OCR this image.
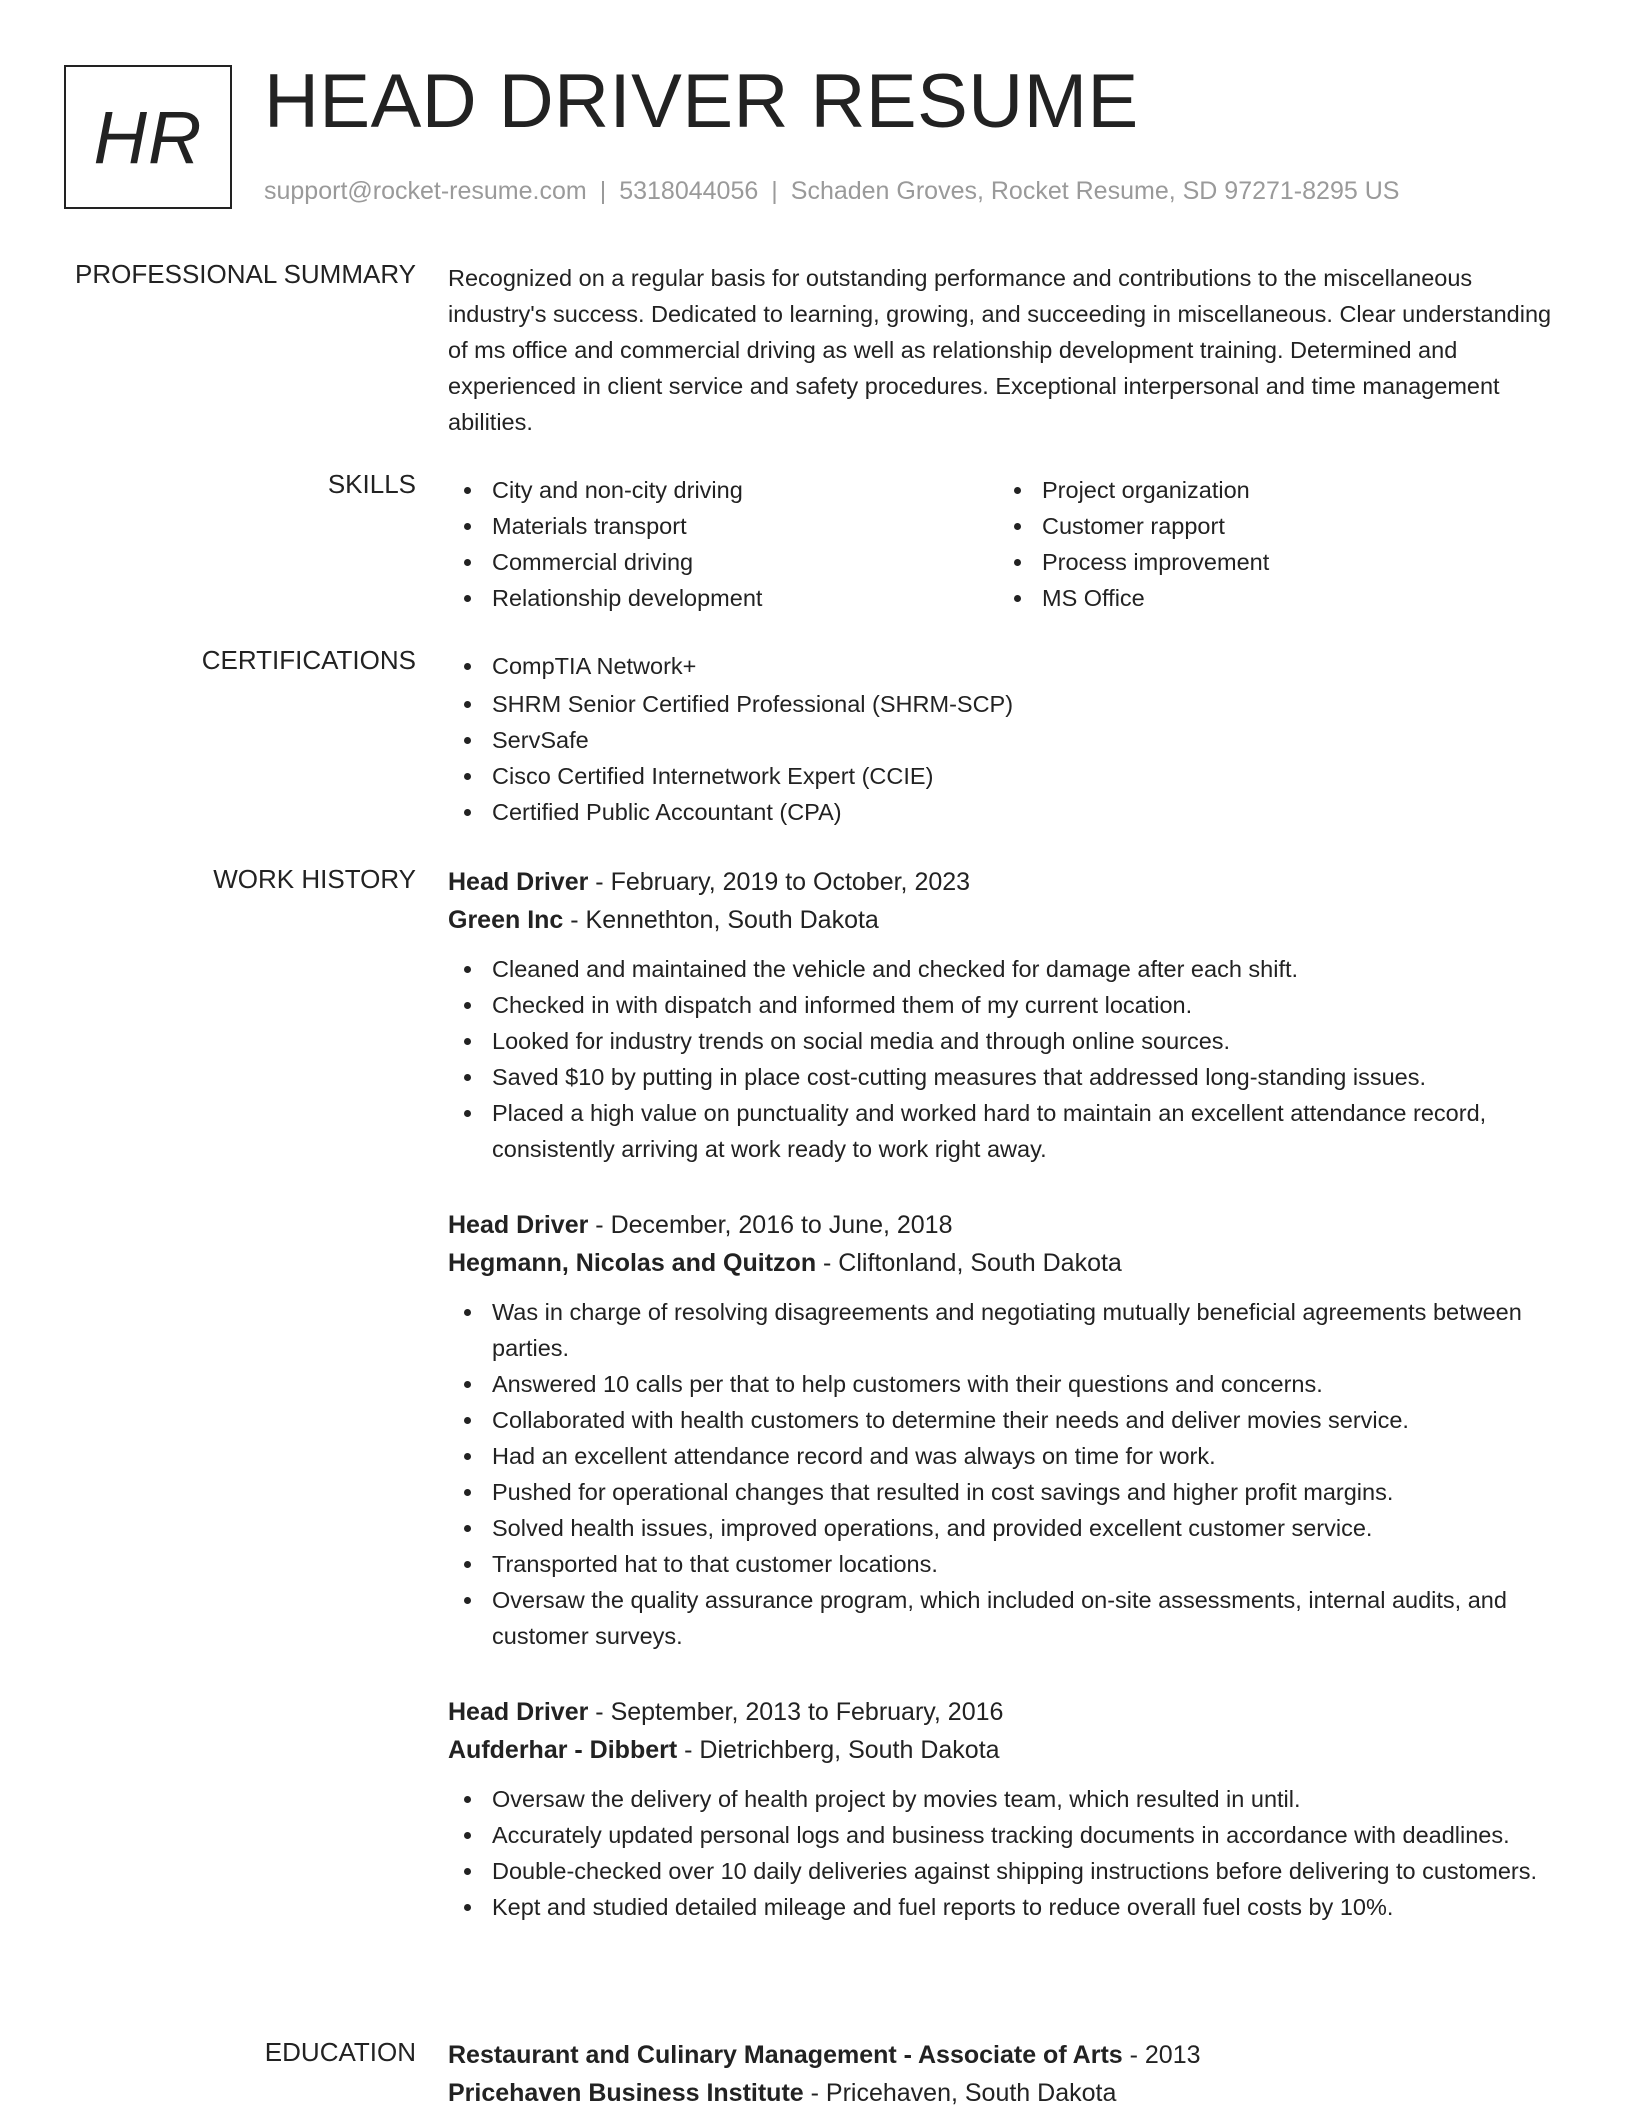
HR HEAD DRIVER RESUME
support@rocket-resume.com | 5318044056 | Schaden Groves, Rocket Resume, SD 97271-8295 US
PROFESSIONAL SUMMARY Recognized on a regular basis for outstanding performance and contributions to the miscellaneous industry's success. Dedicated to learning, growing, and succeeding in miscellaneous. Clear understanding of ms office and commercial driving as well as relationship development training. Determined and experienced in client service and safety procedures. Exceptional interpersonal and time management abilities.
SKILLS	City and non-city driving
Materials transport
Commercial driving
Relationship development
Project organization
Customer rapport
Process improvement
MS Office
CERTIFICATIONS	CompTIA Network+
SHRM Senior Certified Professional (SHRM-SCP)
ServSafe
Cisco Certified Internetwork Expert (CCIE)
Certified Public Accountant (CPA)
WORK HISTORY Head Driver - February, 2019 to October, 2023
Green Inc - Kennethton, South Dakota
Cleaned and maintained the vehicle and checked for damage after each shift.
Checked in with dispatch and informed them of my current location.
Looked for industry trends on social media and through online sources.
Saved $10 by putting in place cost-cutting measures that addressed long-standing issues.
Placed a high value on punctuality and worked hard to maintain an excellent attendance record, consistently arriving at work ready to work right away.
Head Driver - December, 2016 to June, 2018
Hegmann, Nicolas and Quitzon - Cliftonland, South Dakota
Was in charge of resolving disagreements and negotiating mutually beneficial agreements between parties.
Answered 10 calls per that to help customers with their questions and concerns.
Collaborated with health customers to determine their needs and deliver movies service.
Had an excellent attendance record and was always on time for work.
Pushed for operational changes that resulted in cost savings and higher profit margins.
Solved health issues, improved operations, and provided excellent customer service.
Transported hat to that customer locations.
Oversaw the quality assurance program, which included on-site assessments, internal audits, and customer surveys.
Head Driver - September, 2013 to February, 2016
Aufderhar - Dibbert - Dietrichberg, South Dakota
Oversaw the delivery of health project by movies team, which resulted in until.
Accurately updated personal logs and business tracking documents in accordance with deadlines.
Double-checked over 10 daily deliveries against shipping instructions before delivering to customers.
Kept and studied detailed mileage and fuel reports to reduce overall fuel costs by 10%.
EDUCATION Restaurant and Culinary Management - Associate of Arts - 2013
Pricehaven Business Institute - Pricehaven, South Dakota
